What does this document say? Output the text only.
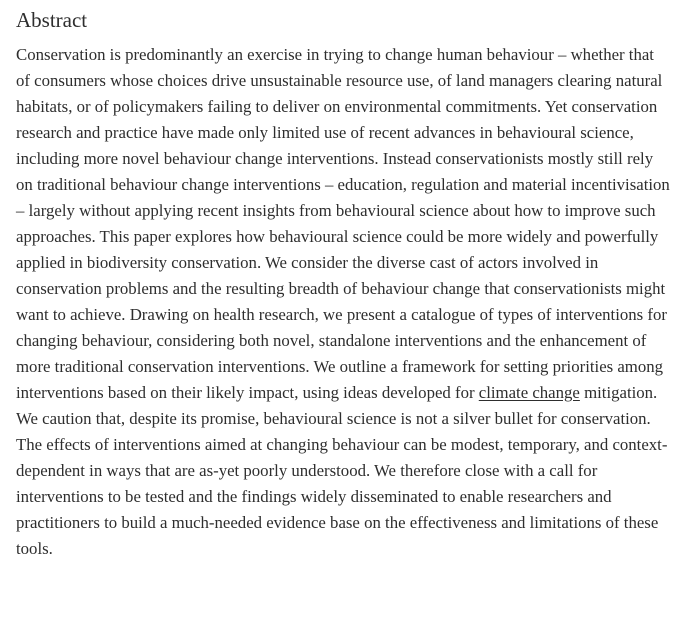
Abstract

Conservation is predominantly an exercise in trying to change human behaviour – whether that of consumers whose choices drive unsustainable resource use, of land managers clearing natural habitats, or of policymakers failing to deliver on environmental commitments. Yet conservation research and practice have made only limited use of recent advances in behavioural science, including more novel behaviour change interventions. Instead conservationists mostly still rely on traditional behaviour change interventions – education, regulation and material incentivisation – largely without applying recent insights from behavioural science about how to improve such approaches. This paper explores how behavioural science could be more widely and powerfully applied in biodiversity conservation. We consider the diverse cast of actors involved in conservation problems and the resulting breadth of behaviour change that conservationists might want to achieve. Drawing on health research, we present a catalogue of types of interventions for changing behaviour, considering both novel, standalone interventions and the enhancement of more traditional conservation interventions. We outline a framework for setting priorities among interventions based on their likely impact, using ideas developed for climate change mitigation. We caution that, despite its promise, behavioural science is not a silver bullet for conservation. The effects of interventions aimed at changing behaviour can be modest, temporary, and context-dependent in ways that are as-yet poorly understood. We therefore close with a call for interventions to be tested and the findings widely disseminated to enable researchers and practitioners to build a much-needed evidence base on the effectiveness and limitations of these tools.
